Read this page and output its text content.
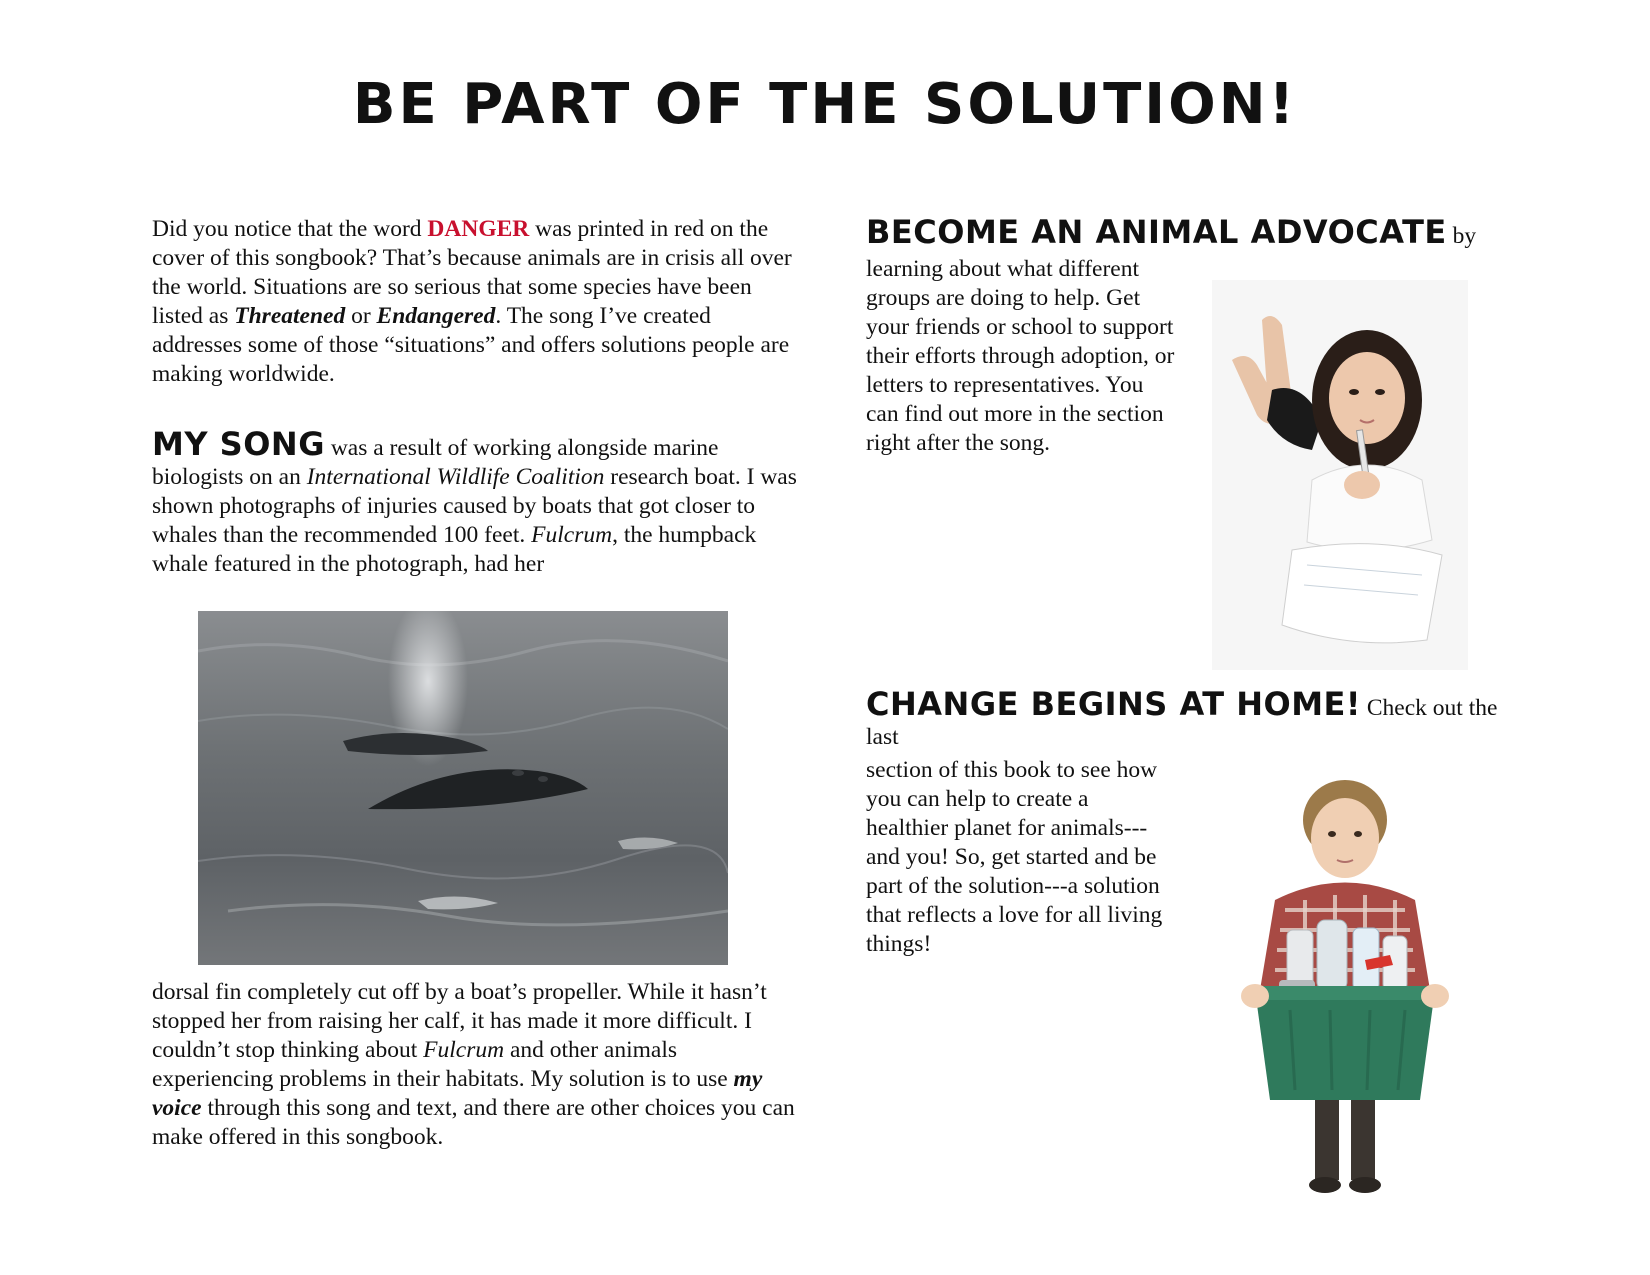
BE PART OF THE SOLUTION!

Did you notice that the word DANGER was printed in red on the cover of this songbook? That’s because animals are in crisis all over the world. Situations are so serious that some species have been listed as Threatened or Endangered. The song I’ve created addresses some of those “situations” and offers solutions people are making worldwide.

MY SONG was a result of working alongside marine biologists on an International Wildlife Coalition research boat. I was shown photographs of injuries caused by boats that got closer to whales than the recommended 100 feet. Fulcrum, the humpback whale featured in the photograph, had her

dorsal fin completely cut off by a boat’s propeller. While it hasn’t stopped her from raising her calf, it has made it more difficult. I couldn’t stop thinking about Fulcrum and other animals experiencing problems in their habitats. My solution is to use my voice through this song and text, and there are other choices you can make offered in this songbook.

BECOME AN ANIMAL ADVOCATE by

learning about what different groups are doing to help. Get your friends or school to support their efforts through adoption, or letters to representatives. You can find out more in the section right after the song.

CHANGE BEGINS AT HOME! Check out the last

section of this book to see how you can help to create a healthier planet for animals---and you! So, get started and be part of the solution---a solution that reflects a love for all living things!
